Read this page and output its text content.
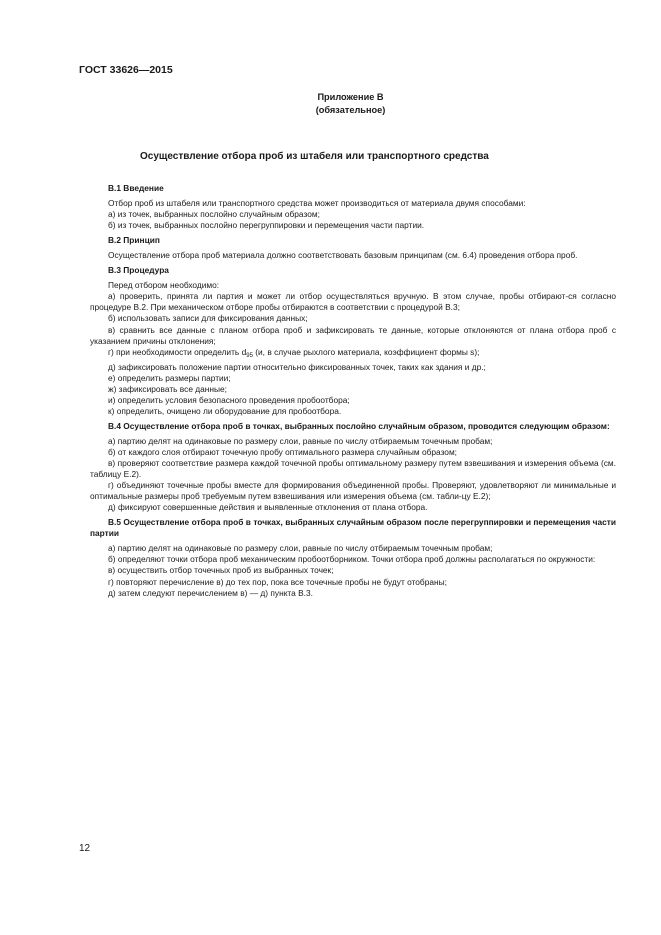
ГОСТ 33626—2015
Приложение В
(обязательное)
Осуществление отбора проб из штабеля или транспортного средства

В.1 Введение

Отбор проб из штабеля или транспортного средства может производиться от материала двумя способами:

а) из точек, выбранных послойно случайным образом;

б) из точек, выбранных послойно перегруппировки и перемещения части партии.

В.2 Принцип

Осуществление отбора проб материала должно соответствовать базовым принципам (см. 6.4) проведения отбора проб.

В.3 Процедура

Перед отбором необходимо:

а) проверить, принята ли партия и может ли отбор осуществляться вручную. В этом случае, пробы отбирают-ся согласно процедуре В.2. При механическом отборе пробы отбираются в соответствии с процедурой В.3;

б) использовать записи для фиксирования данных;

в) сравнить все данные с планом отбора проб и зафиксировать те данные, которые отклоняются от плана отбора проб с указанием причины отклонения;

г) при необходимости определить $d_{95}$ (и, в случае рыхлого материала, коэффициент формы s);

д) зафиксировать положение партии относительно фиксированных точек, таких как здания и др.;

е) определить размеры партии;

ж) зафиксировать все данные;

и) определить условия безопасного проведения пробоотбора;

к) определить, очищено ли оборудование для пробоотбора.

В.4 Осуществление отбора проб в точках, выбранных послойно случайным образом, проводится следующим образом:

а) партию делят на одинаковые по размеру слои, равные по числу отбираемым точечным пробам;

б) от каждого слоя отбирают точечную пробу оптимального размера случайным образом;

в) проверяют соответствие размера каждой точечной пробы оптимальному размеру путем взвешивания и измерения объема (см. таблицу Е.2).

г) объединяют точечные пробы вместе для формирования объединенной пробы. Проверяют, удовлетворяют ли минимальные и оптимальные размеры проб требуемым путем взвешивания или измерения объема (см. табли-цу Е.2);

д) фиксируют совершенные действия и выявленные отклонения от плана отбора.

В.5 Осуществление отбора проб в точках, выбранных случайным образом после перегруппировки и перемещения части партии

а) партию делят на одинаковые по размеру слои, равные по числу отбираемым точечным пробам;

б) определяют точки отбора проб механическим пробоотборником. Точки отбора проб должны располагаться по окружности:

в) осуществить отбор точечных проб из выбранных точек;

г) повторяют перечисление в) до тех пор, пока все точечные пробы не будут отобраны;

д) затем следуют перечислением в) — д) пункта В.3.

12
